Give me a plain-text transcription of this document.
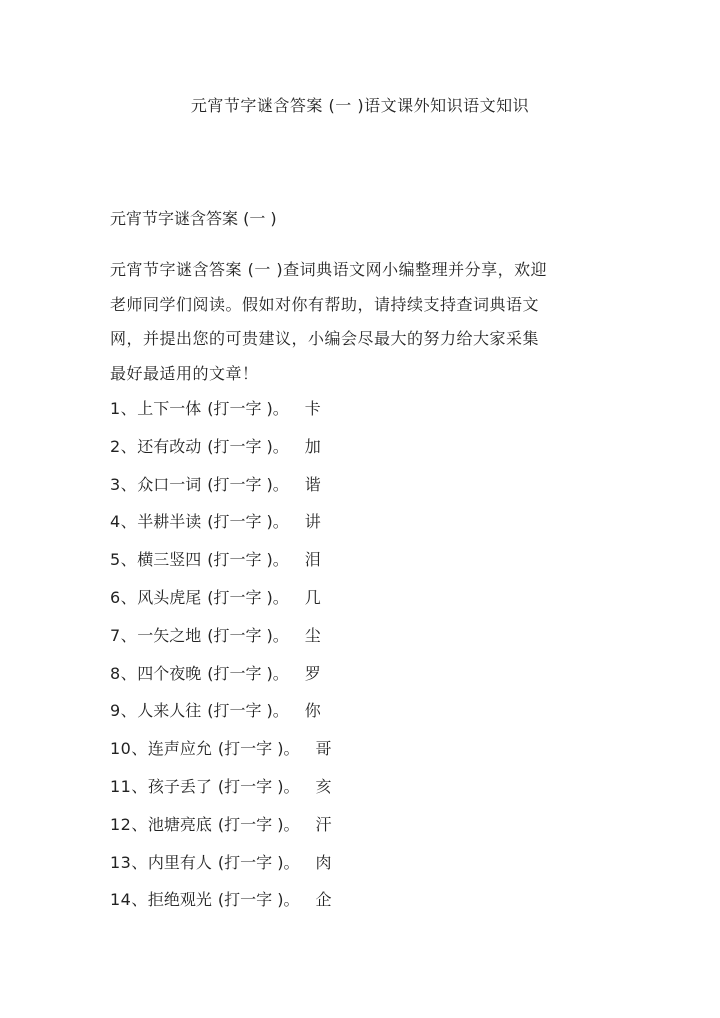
元宵节字谜含答案 (一 )语文课外知识语文知识
元宵节字谜含答案 (一 )
元宵节字谜含答案 (一 )查词典语文网小编整理并分享，欢迎
老师同学们阅读。假如对你有帮助，请持续支持查词典语文
网，并提出您的可贵建议，小编会尽最大的努力给大家采集
最好最适用的文章！
1、上下一体 (打一字 )。 卡
2、还有改动 (打一字 )。 加
3、众口一词 (打一字 )。 谐
4、半耕半读 (打一字 )。 讲
5、横三竖四 (打一字 )。 泪
6、风头虎尾 (打一字 )。 几
7、一矢之地 (打一字 )。 尘
8、四个夜晚 (打一字 )。 罗
9、人来人往 (打一字 )。 你
10、连声应允 (打一字 )。 哥
11、孩子丢了 (打一字 )。 亥
12、池塘亮底 (打一字 )。 汗
13、内里有人 (打一字 )。 肉
14、拒绝观光 (打一字 )。 企
